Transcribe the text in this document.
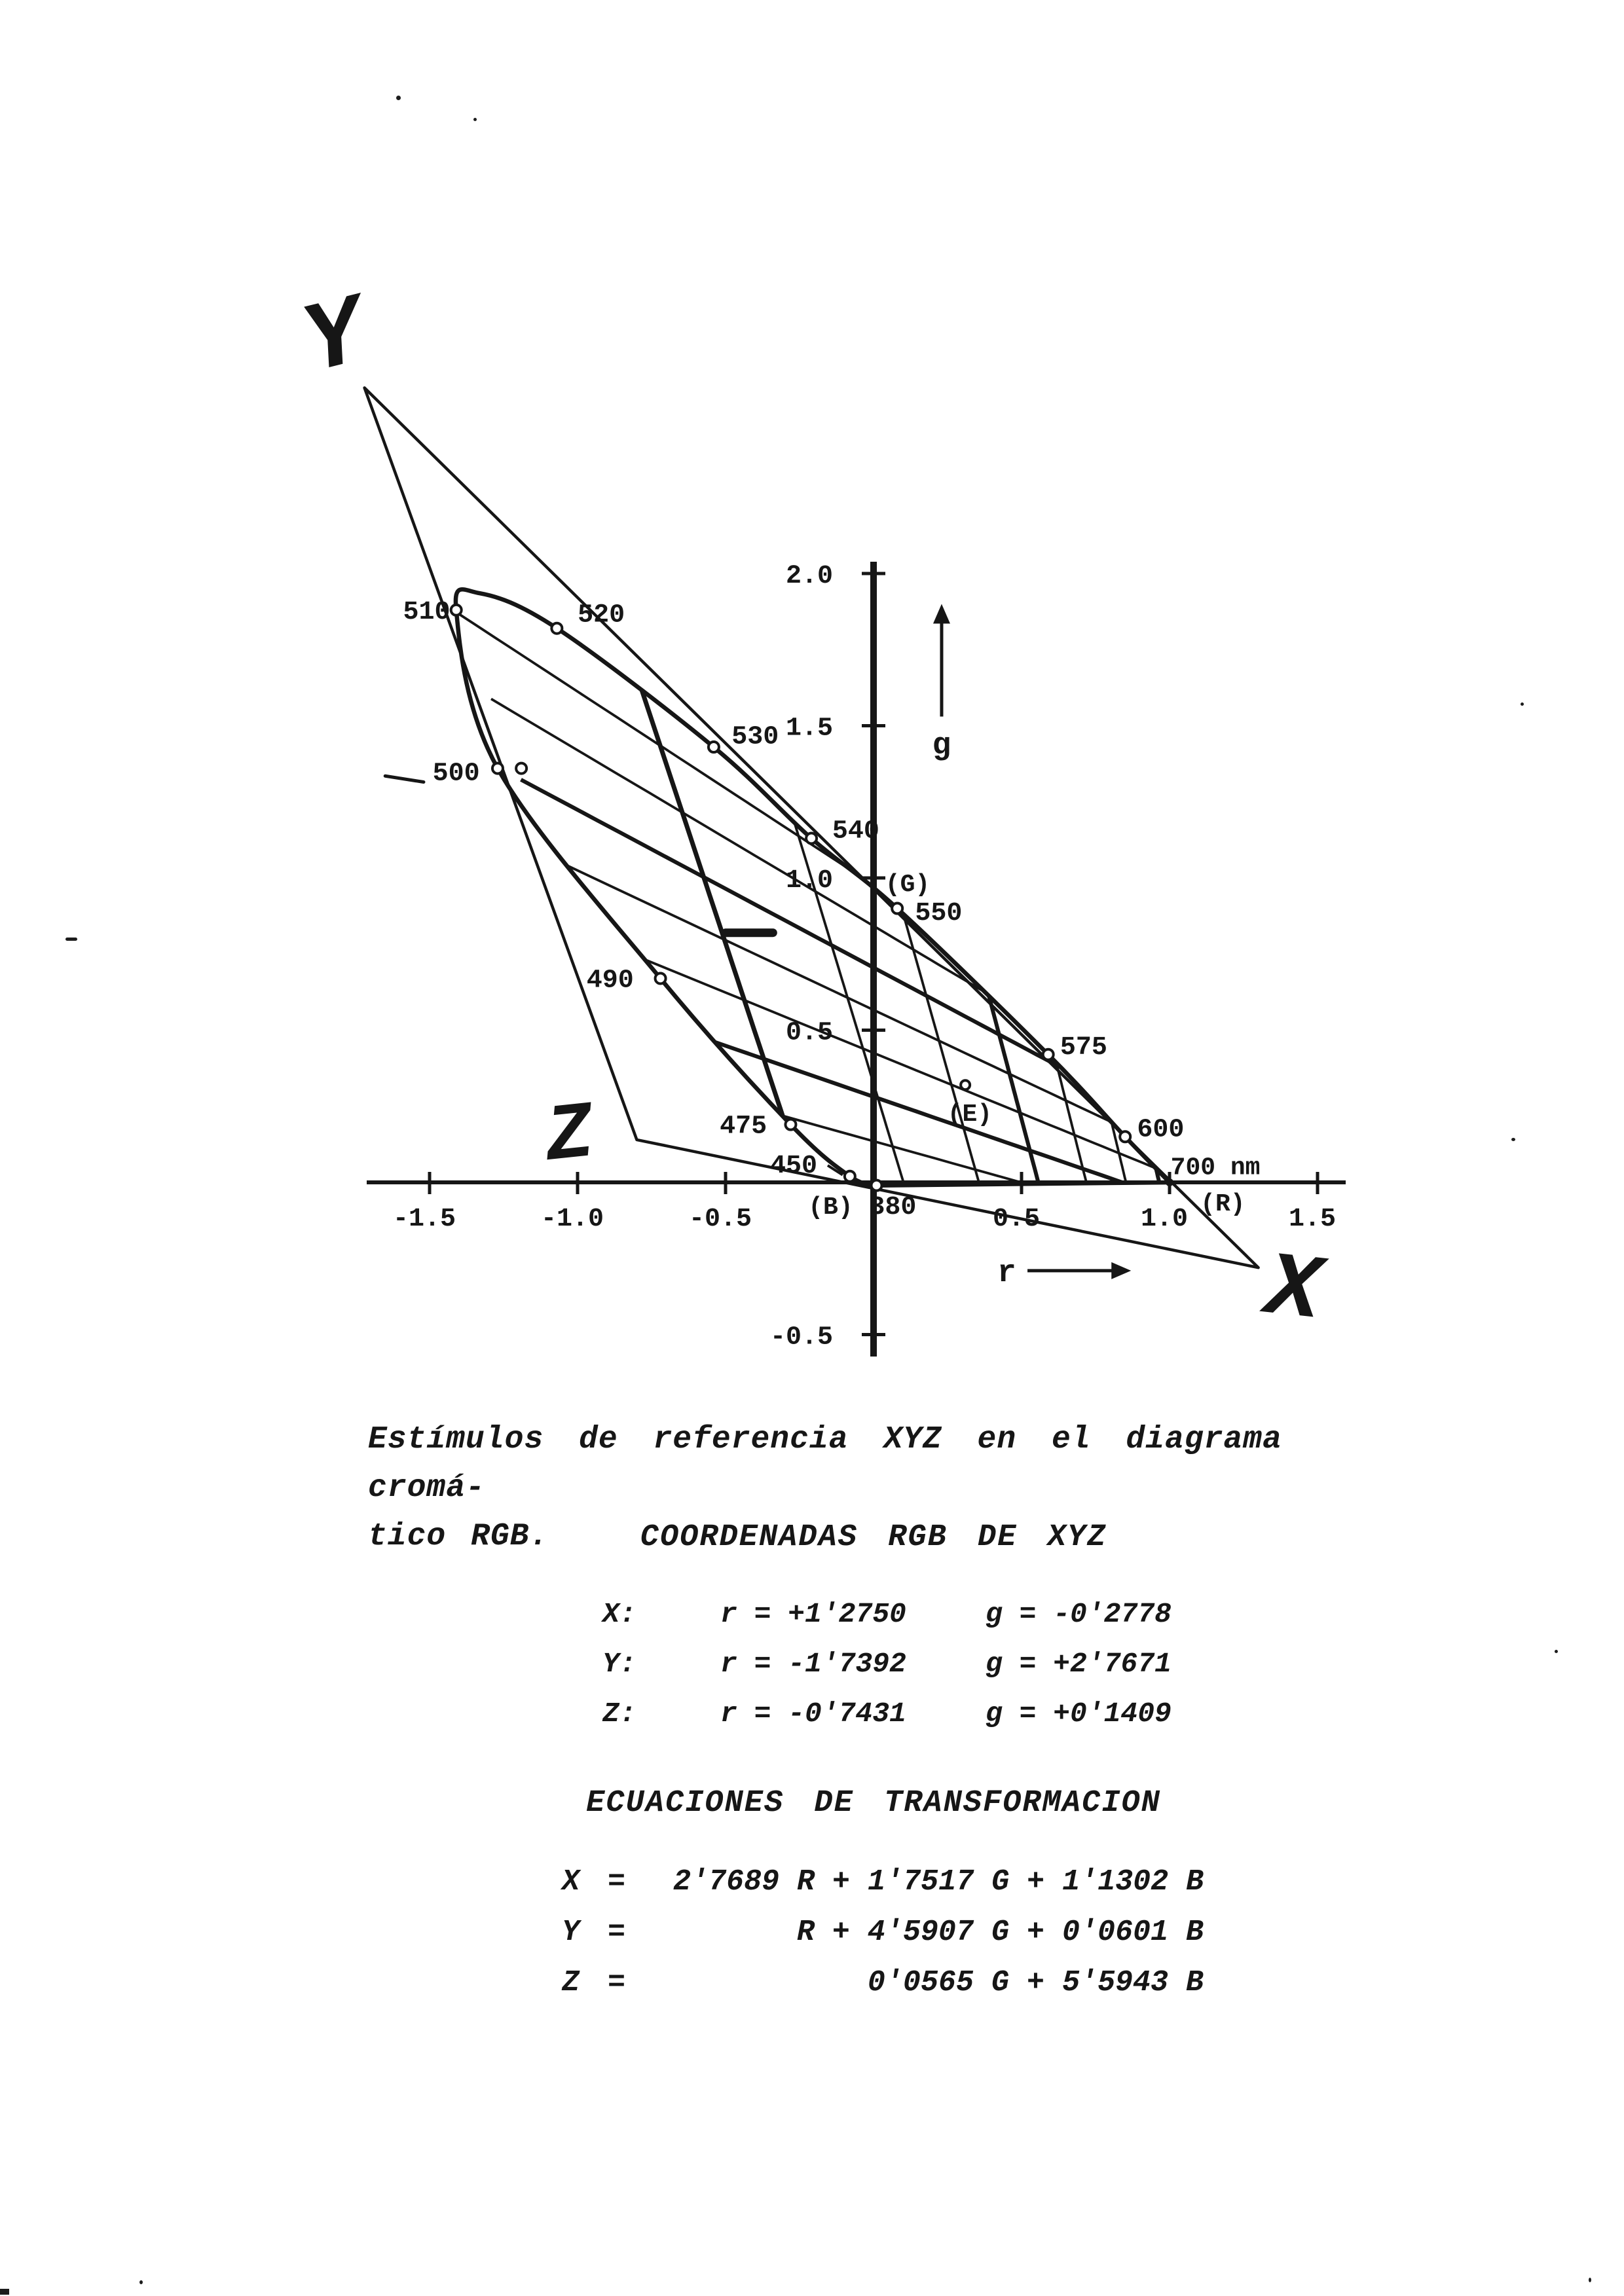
-1.5	-1.0	-0.5	0.5	1.0	1.5
2.0
1.5
1.0
0.5
-0.5
380
450
475
490
500
510	520
530
540
550
575
600
(B)
(G)
(R)
(E)
700 nm
g
r
Y
Z
X
Estímulos de referencia XYZ en el diagrama cromá-
tico RGB.	COORDENADAS RGB DE XYZ
X:	r = +1'2750	g = -0'2778
Y:	r = -1'7392	g = +2'7671
Z:	r = -0'7431	g = +0'1409
ECUACIONES DE TRANSFORMACION
X =	2'7689 R + 1'7517 G + 1'1302 B
Y =	R + 4'5907 G + 0'0601 B
Z =	0'0565 G + 5'5943 B
